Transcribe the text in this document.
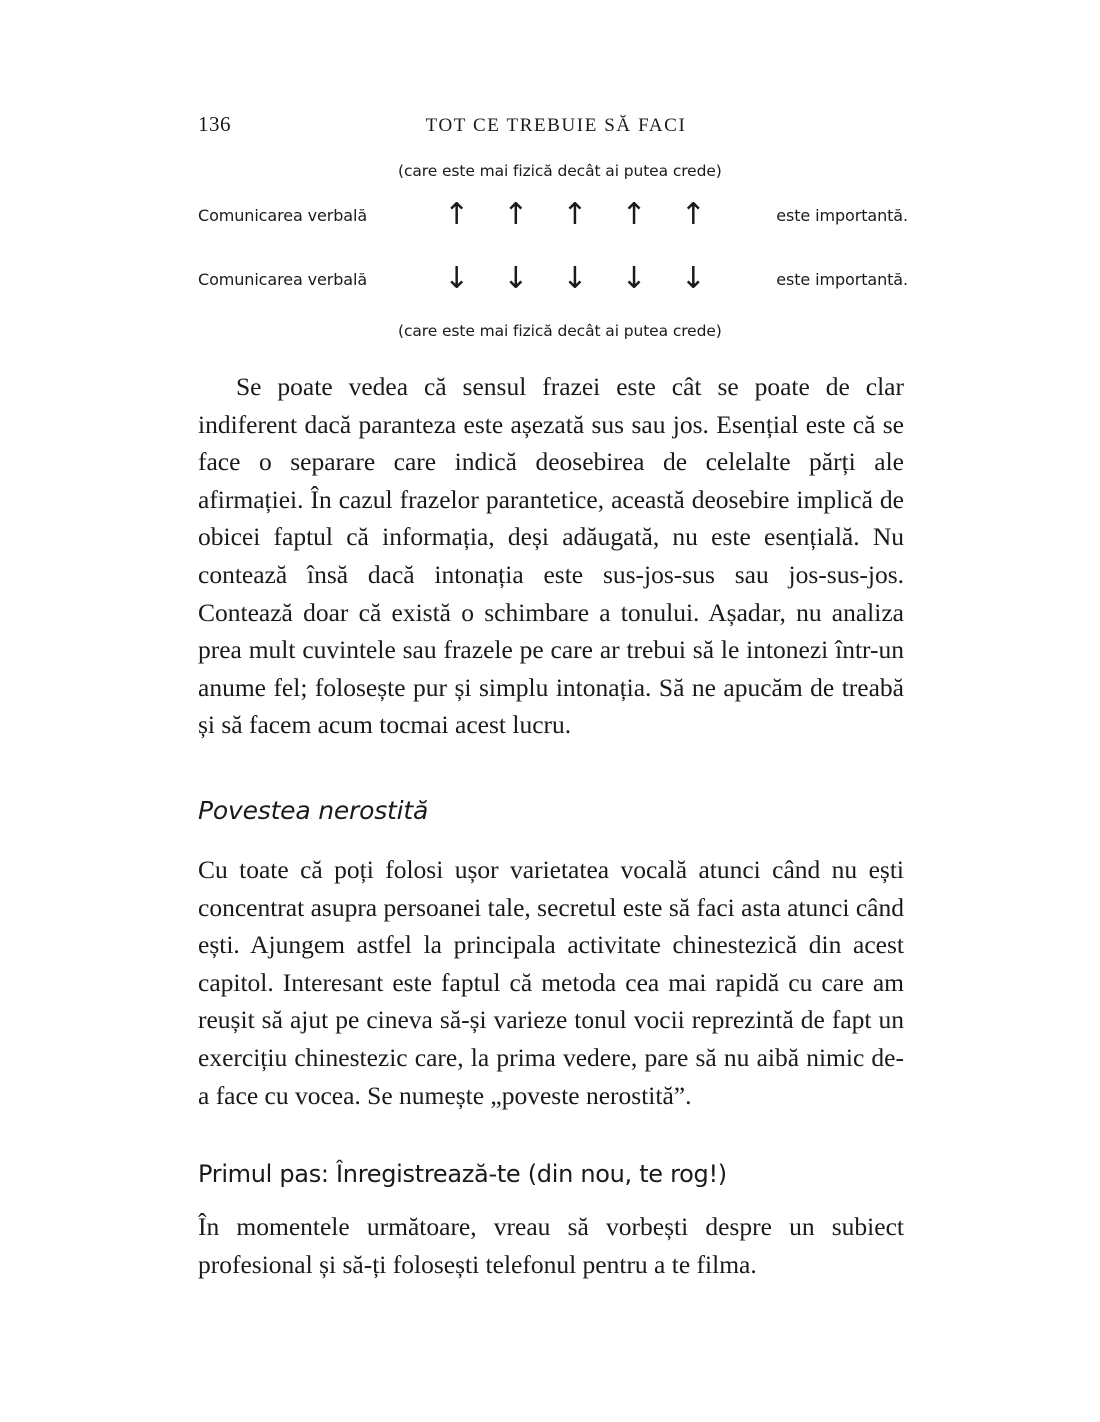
136	TOT CE TREBUIE SĂ FACI
(care este mai fizică decât ai putea crede)
Comunicarea verbală	↑ ↑ ↑ ↑ ↑	este importantă.
Comunicarea verbală	↓ ↓ ↓ ↓ ↓	este importantă.
(care este mai fizică decât ai putea crede)

Se poate vedea că sensul frazei este cât se poate de clar indiferent dacă paranteza este așezată sus sau jos. Esențial este că se face o separare care indică deosebirea de celelalte părți ale afirmației. În cazul frazelor parantetice, această deosebire implică de obicei faptul că informația, deși adăugată, nu este esențială. Nu contează însă dacă intonația este sus-jos-sus sau jos-sus-jos. Contează doar că există o schimbare a tonului. Așadar, nu analiza prea mult cuvintele sau frazele pe care ar trebui să le intonezi într-un anume fel; folosește pur și simplu intonația. Să ne apucăm de treabă și să facem acum tocmai acest lucru.

Povestea nerostită

Cu toate că poți folosi ușor varietatea vocală atunci când nu ești concentrat asupra persoanei tale, secretul este să faci asta atunci când ești. Ajungem astfel la principala activitate chinestezică din acest capitol. Interesant este faptul că metoda cea mai rapidă cu care am reușit să ajut pe cineva să-și varieze tonul vocii reprezintă de fapt un exercițiu chinestezic care, la prima vedere, pare să nu aibă nimic de-a face cu vocea. Se numește „poveste nerostită”.

Primul pas: Înregistrează-te (din nou, te rog!)

În momentele următoare, vreau să vorbești despre un subiect profesional și să-ți folosești telefonul pentru a te filma.
